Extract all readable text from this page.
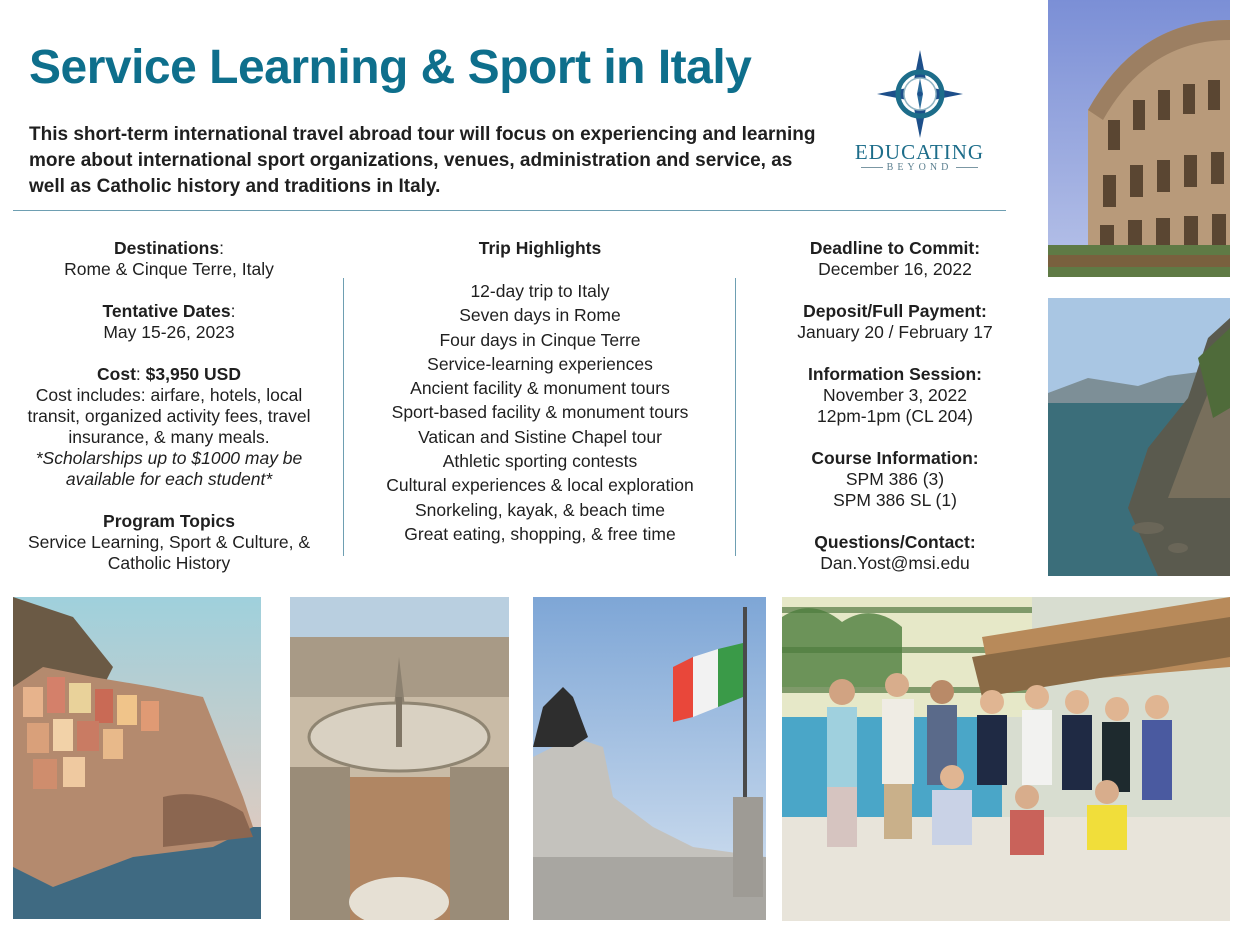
Service Learning & Sport in Italy

This short-term international travel abroad tour will focus on experiencing and learning more about international sport organizations, venues, administration and service, as well as Catholic history and traditions in Italy.

EDUCATING
BEYOND
Destinations:
Rome & Cinque Terre, Italy
Tentative Dates:
May 15-26, 2023
Cost: $3,950 USD
Cost includes: airfare, hotels, local transit, organized activity fees, travel insurance, & many meals.
*Scholarships up to $1000 may be available for each student*
Program Topics
Service Learning, Sport & Culture, & Catholic History
Trip Highlights
12-day trip to Italy
Seven days in Rome
Four days in Cinque Terre
Service-learning experiences
Ancient facility & monument tours
Sport-based facility & monument tours
Vatican and Sistine Chapel tour
Athletic sporting contests
Cultural experiences & local exploration
Snorkeling, kayak, & beach time
Great eating, shopping, & free time
Deadline to Commit:
December 16, 2022
Deposit/Full Payment:
January 20 / February 17
Information Session:
November 3, 2022
12pm-1pm (CL 204)
Course Information:
SPM 386 (3)
SPM 386 SL (1)
Questions/Contact:
Dan.Yost@msi.edu
